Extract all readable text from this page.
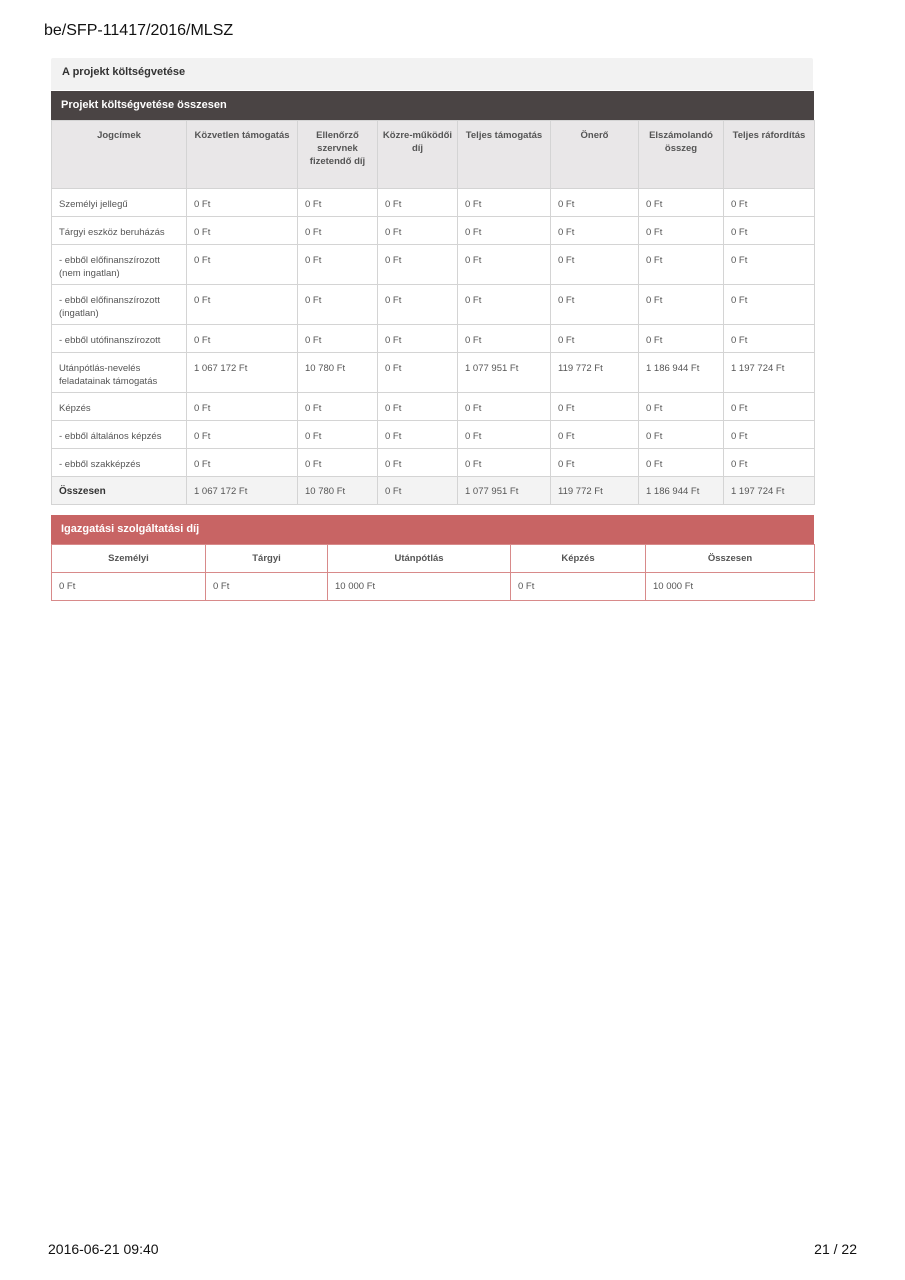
be/SFP-11417/2016/MLSZ
A projekt költségvetése
Projekt költségvetése összesen
Jogcímek	Közvetlen támogatás	Ellenőrző szervnek fizetendő díj	Közre-működői díj	Teljes támogatás	Önerő	Elszámolandó összeg	Teljes ráfordítás
Személyi jellegű	0 Ft	0 Ft	0 Ft	0 Ft	0 Ft	0 Ft	0 Ft
Tárgyi eszköz beruházás	0 Ft	0 Ft	0 Ft	0 Ft	0 Ft	0 Ft	0 Ft
- ebből előfinanszírozott (nem ingatlan)	0 Ft	0 Ft	0 Ft	0 Ft	0 Ft	0 Ft	0 Ft
- ebből előfinanszírozott (ingatlan)	0 Ft	0 Ft	0 Ft	0 Ft	0 Ft	0 Ft	0 Ft
- ebből utófinanszírozott	0 Ft	0 Ft	0 Ft	0 Ft	0 Ft	0 Ft	0 Ft
Utánpótlás-nevelés feladatainak támogatás	1 067 172 Ft	10 780 Ft	0 Ft	1 077 951 Ft	119 772 Ft	1 186 944 Ft	1 197 724 Ft
Képzés	0 Ft	0 Ft	0 Ft	0 Ft	0 Ft	0 Ft	0 Ft
- ebből általános képzés	0 Ft	0 Ft	0 Ft	0 Ft	0 Ft	0 Ft	0 Ft
- ebből szakképzés	0 Ft	0 Ft	0 Ft	0 Ft	0 Ft	0 Ft	0 Ft
Összesen	1 067 172 Ft	10 780 Ft	0 Ft	1 077 951 Ft	119 772 Ft	1 186 944 Ft	1 197 724 Ft
Igazgatási szolgáltatási díj
Személyi	Tárgyi	Utánpótlás	Képzés	Összesen
0 Ft	0 Ft	10 000 Ft	0 Ft	10 000 Ft
2016-06-21 09:40	21 / 22
